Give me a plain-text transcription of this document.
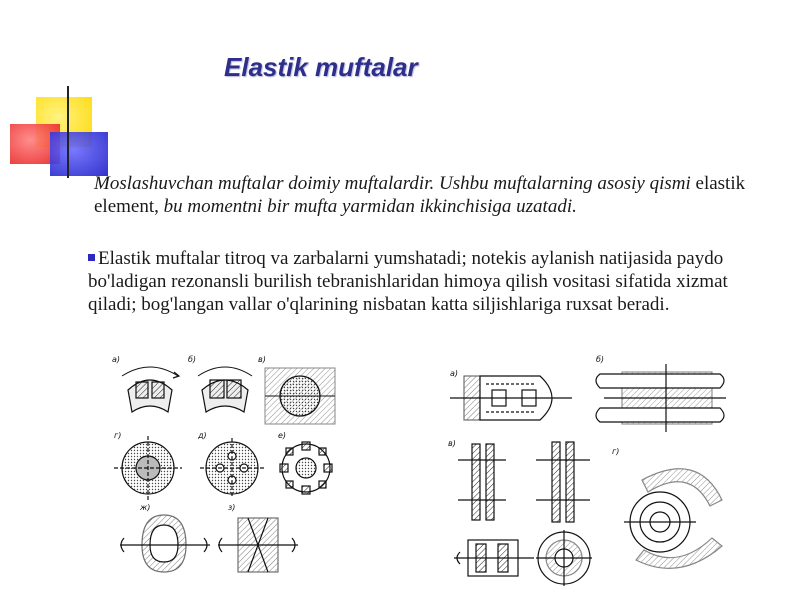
Elastik muftalar
Moslashuvchan muftalar doimiy muftalardir. Ushbu muftalarning asosiy qismi elastik element, bu momentni bir mufta yarmidan ikkinchisiga uzatadi.
Elastik muftalar titroq va zarbalarni yumshatadi; notekis aylanish natijasida paydo bo'ladigan rezonansli burilish tebranishlaridan himoya qilish vositasi sifatida xizmat qiladi; bog'langan vallar o'qlarining nisbatan katta siljishlariga ruxsat beradi.
а)	б)	в)
г)	д)	е)
ж)	з)
а)
б)
в)
г)
